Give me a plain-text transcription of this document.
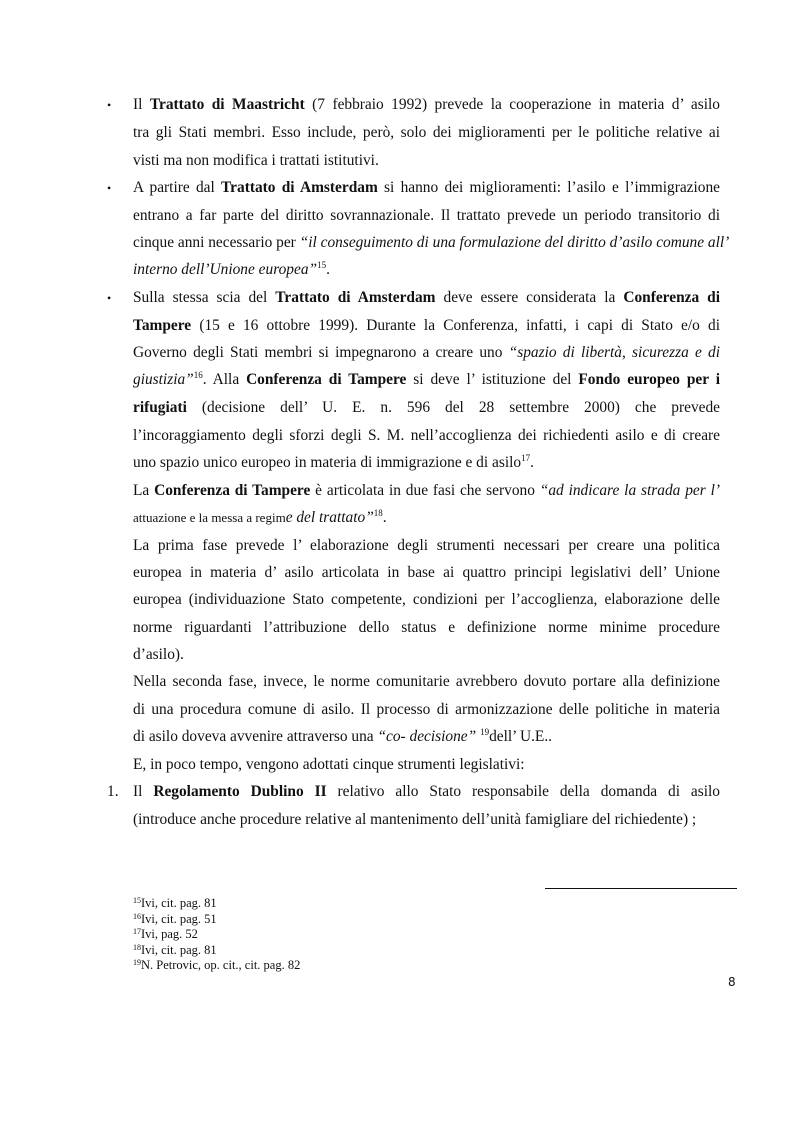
• Il Trattato di Maastricht (7 febbraio 1992) prevede la cooperazione in materia d’ asilo
tra gli Stati membri. Esso include, però, solo dei miglioramenti per le politiche relative ai
visti ma non modifica i trattati istitutivi.
• A partire dal Trattato di Amsterdam si hanno dei miglioramenti: l’asilo e l’immigrazione
entrano a far parte del diritto sovrannazionale. Il trattato prevede un periodo transitorio di
cinque anni necessario per “il conseguimento di una formulazione del diritto d’asilo comune all’
interno dell’Unione europea”$^{15}$.
• Sulla stessa scia del Trattato di Amsterdam deve essere considerata la Conferenza di
Tampere (15 e 16 ottobre 1999). Durante la Conferenza, infatti, i capi di Stato e/o di
Governo degli Stati membri si impegnarono a creare uno “spazio di libertà, sicurezza e di
giustizia”$^{16}$. Alla Conferenza di Tampere si deve l’ istituzione del Fondo europeo per i
rifugiati (decisione dell’ U. E. n. 596 del 28 settembre 2000) che prevede
l’incoraggiamento degli sforzi degli S. M. nell’accoglienza dei richiedenti asilo e di creare
uno spazio unico europeo in materia di immigrazione e di asilo$^{17}$.
La Conferenza di Tampere è articolata in due fasi che servono “ad indicare la strada per l’
attuazione e la messa a regime del trattato”$^{18}$.
La prima fase prevede l’ elaborazione degli strumenti necessari per creare una politica
europea in materia d’ asilo articolata in base ai quattro principi legislativi dell’ Unione
europea (individuazione Stato competente, condizioni per l’accoglienza, elaborazione delle
norme riguardanti l’attribuzione dello status e definizione norme minime procedure
d’asilo).
Nella seconda fase, invece, le norme comunitarie avrebbero dovuto portare alla definizione
di una procedura comune di asilo. Il processo di armonizzazione delle politiche in materia
di asilo doveva avvenire attraverso una “co- decisione” $^{19}$dell’ U.E..
E, in poco tempo, vengono adottati cinque strumenti legislativi:
1. Il Regolamento Dublino II relativo allo Stato responsabile della domanda di asilo
(introduce anche procedure relative al mantenimento dell’unità famigliare del richiedente) ;
$^{15}$Ivi, cit. pag. 81
$^{16}$Ivi, cit. pag. 51
$^{17}$Ivi, pag. 52
$^{18}$Ivi, cit. pag. 81
$^{19}$N. Petrovic, op. cit., cit. pag. 82
8
